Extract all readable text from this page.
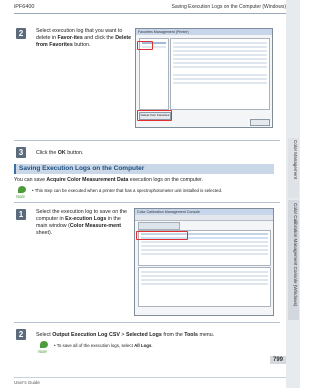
iPF6400	Saving Execution Logs on the Computer (Windows)
Color Management
Color Calibration Management Console (Windows)
2	Select execution log that you want to delete in Favor-ites and click the Delete from Favorites button.
Favorites Management (Printer)
Delete from Favorites
3	Click the OK button.
Saving Execution Logs on the Computer
You can save Acquire Color Measurement Data execution logs on the computer.
Note
• This step can be executed when a printer that has a spectrophotometer unit installed is selected.
1	Select the execution log to save on the computer in Ex-ecution Logs in the main window (Color Measure-ment sheet).
Color Calibration Management Console
2	Select Output Execution Log CSV > Selected Logs from the Tools menu.
Note
• To save all of the execution logs, select All Logs.
799
User's Guide
